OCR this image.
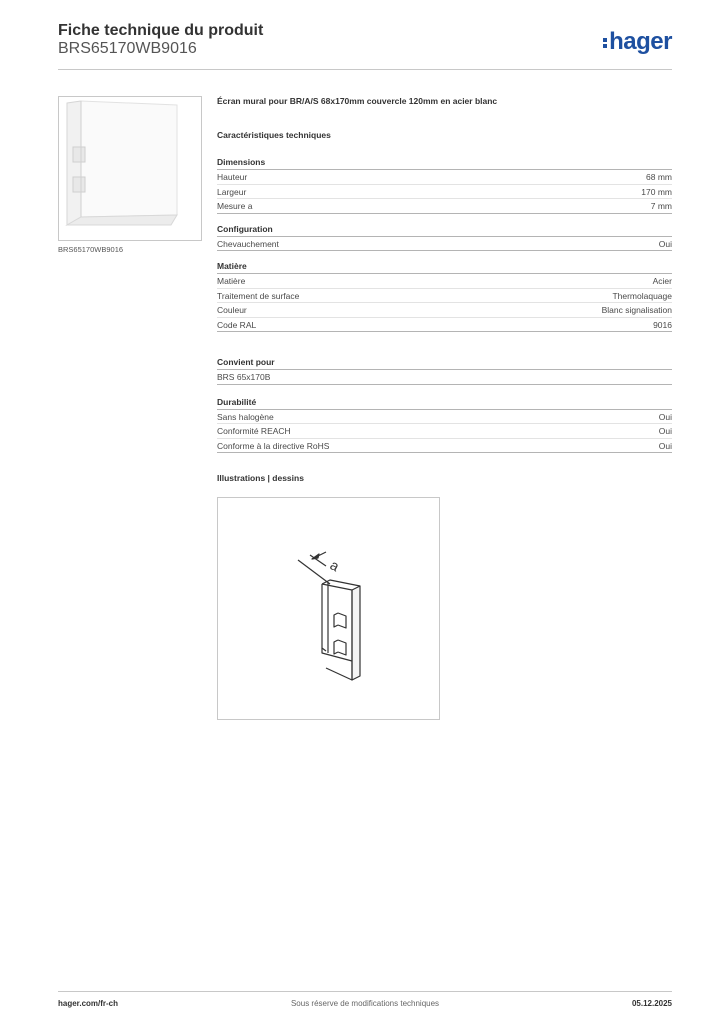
Fiche technique du produit
BRS65170WB9016	hager
BRS65170WB9016
Écran mural pour BR/A/S 68x170mm couvercle 120mm en acier blanc
Caractéristiques techniques
Dimensions
Hauteur	68 mm
Largeur	170 mm
Mesure a	7 mm
Configuration
Chevauchement	Oui
Matière
Matière	Acier
Traitement de surface	Thermolaquage
Couleur	Blanc signalisation
Code RAL	9016
Convient pour
BRS 65x170B
Durabilité
Sans halogène	Oui
Conformité REACH	Oui
Conforme à la directive RoHS	Oui
Illustrations | dessins
a
hager.com/fr-ch	Sous réserve de modifications techniques	05.12.2025
